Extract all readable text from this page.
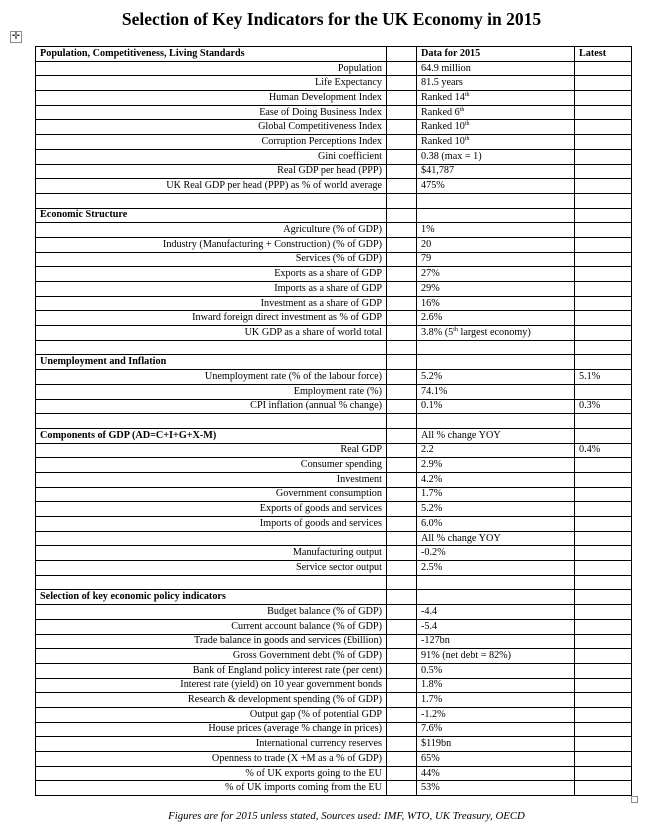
Selection of Key Indicators for the UK Economy in 2015
✛
Population, Competitiveness, Living Standards		Data for 2015	Latest
Population		64.9 million	
Life Expectancy		81.5 years	
Human Development Index		Ranked 14th	
Ease of Doing Business Index		Ranked 6th	
Global Competitiveness Index		Ranked 10th	
Corruption Perceptions Index		Ranked 10th	
Gini coefficient		0.38 (max = 1)	
Real GDP per head (PPP)		$41,787	
UK Real GDP per head (PPP) as % of world average		475%	

Economic Structure			
Agriculture (% of GDP)		1%	
Industry (Manufacturing + Construction) (% of GDP)		20	
Services (% of GDP)		79	
Exports as a share of GDP		27%	
Imports as a share of GDP		29%	
Investment as a share of GDP		16%	
Inward foreign direct investment as % of GDP		2.6%	
UK GDP as a share of world total		3.8% (5th largest economy)	

Unemployment and Inflation			
Unemployment rate (% of the labour force)		5.2%	5.1%
Employment rate (%)		74.1%	
CPI inflation (annual % change)		0.1%	0.3%

Components of GDP (AD=C+I+G+X-M)		All % change YOY	
Real GDP		2.2	0.4%
Consumer spending		2.9%	
Investment		4.2%	
Government consumption		1.7%	
Exports of goods and services		5.2%	
Imports of goods and services		6.0%	
		All % change YOY	
Manufacturing output		-0.2%	
Service sector output		2.5%	

Selection of key economic policy indicators			
Budget balance (% of GDP)		-4.4	
Current account balance (% of GDP)		-5.4	
Trade balance in goods and services (£billion)		-127bn	
Gross Government debt (% of GDP)		91% (net debt = 82%)	
Bank of England policy interest rate (per cent)		0.5%	
Interest rate (yield) on 10 year government bonds		1.8%	
Research & development spending (% of GDP)		1.7%	
Output gap (% of potential GDP		-1.2%	
House prices (average % change in prices)		7.6%	
International currency reserves		$119bn	
Openness to trade (X +M as a % of GDP)		65%	
% of UK exports going to the EU		44%	
% of UK imports coming from the EU		53%	
Figures are for 2015 unless stated, Sources used: IMF, WTO, UK Treasury, OECD
